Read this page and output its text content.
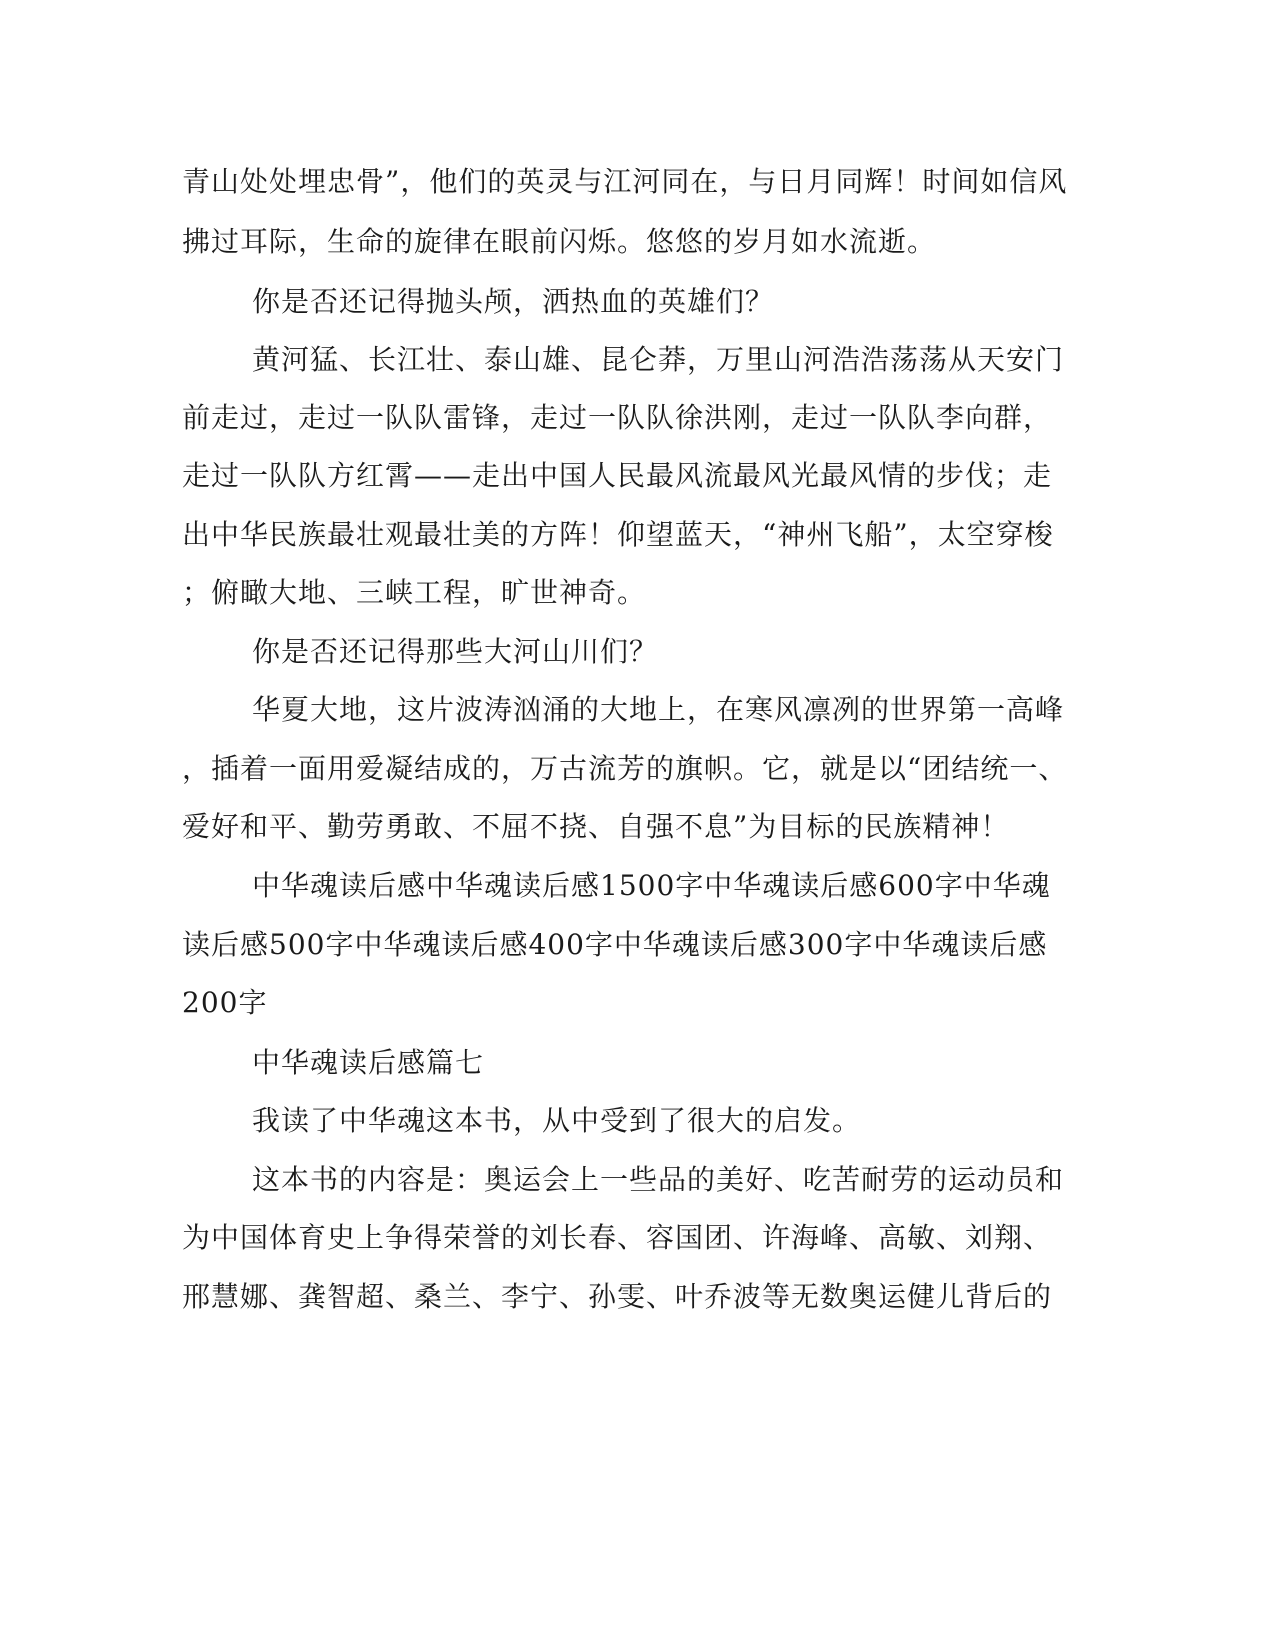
青山处处埋忠骨”，他们的英灵与江河同在，与日月同辉！时间如信风

拂过耳际，生命的旋律在眼前闪烁。悠悠的岁月如水流逝。

你是否还记得抛头颅，洒热血的英雄们？

黄河猛、长江壮、泰山雄、昆仑莽，万里山河浩浩荡荡从天安门

前走过，走过一队队雷锋，走过一队队徐洪刚，走过一队队李向群，

走过一队队方红霄——走出中国人民最风流最风光最风情的步伐；走

出中华民族最壮观最壮美的方阵！仰望蓝天，“神州飞船”，太空穿梭

；俯瞰大地、三峡工程，旷世神奇。

你是否还记得那些大河山川们？

华夏大地，这片波涛汹涌的大地上，在寒风凛冽的世界第一高峰

，插着一面用爱凝结成的，万古流芳的旗帜。它，就是以“团结统一、

爱好和平、勤劳勇敢、不屈不挠、自强不息”为目标的民族精神！

中华魂读后感中华魂读后感1500字中华魂读后感600字中华魂

读后感500字中华魂读后感400字中华魂读后感300字中华魂读后感

200字

中华魂读后感篇七

我读了中华魂这本书，从中受到了很大的启发。

这本书的内容是：奥运会上一些品的美好、吃苦耐劳的运动员和

为中国体育史上争得荣誉的刘长春、容国团、许海峰、高敏、刘翔、

邢慧娜、龚智超、桑兰、李宁、孙雯、叶乔波等无数奥运健儿背后的
